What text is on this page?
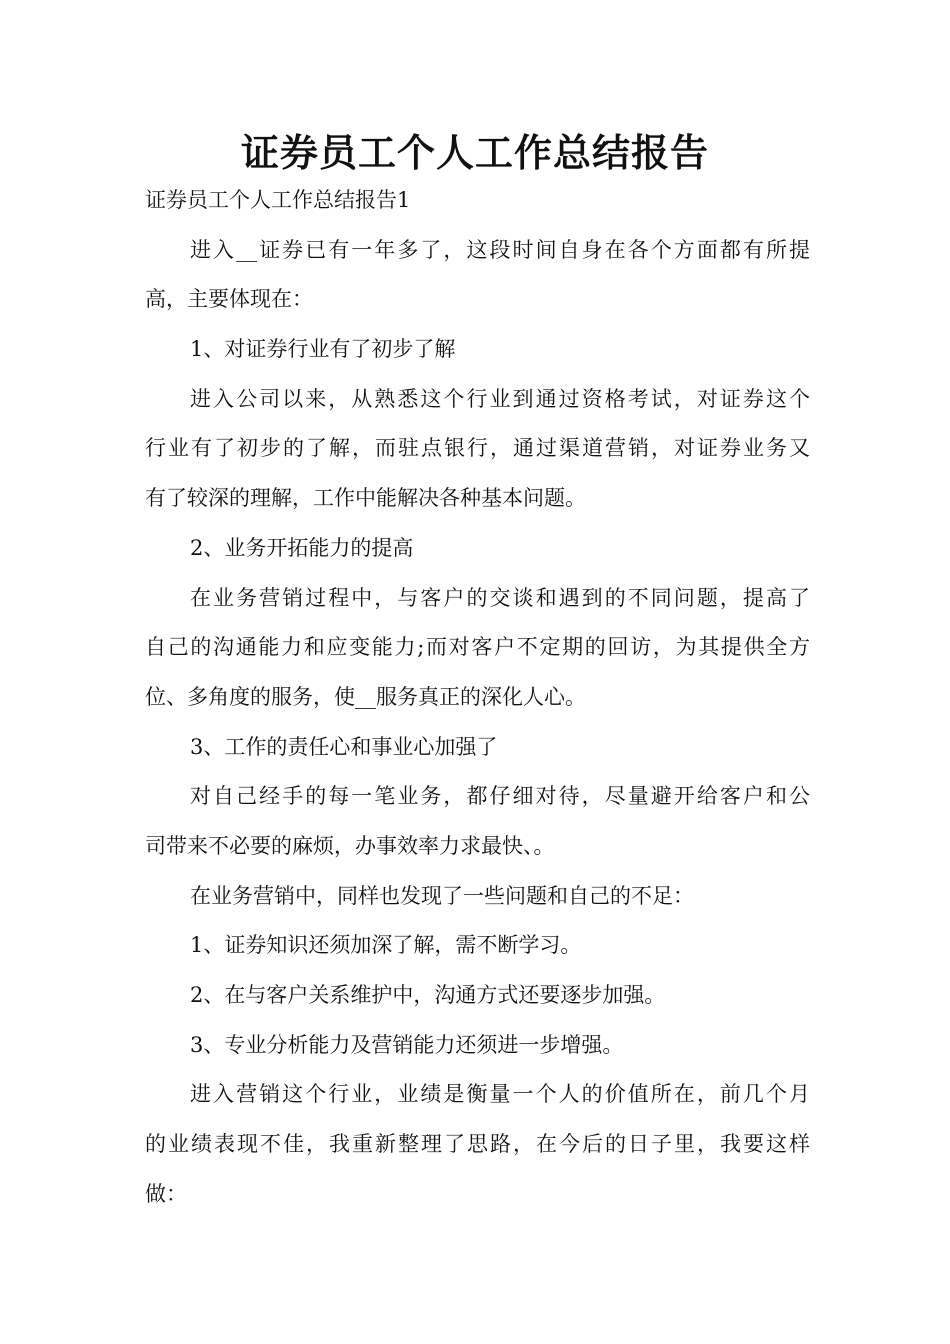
证券员工个人工作总结报告
证券员工个人工作总结报告1
进入__证券已有一年多了，这段时间自身在各个方面都有所提
高，主要体现在：
1、对证券行业有了初步了解
进入公司以来，从熟悉这个行业到通过资格考试，对证券这个
行业有了初步的了解，而驻点银行，通过渠道营销，对证券业务又
有了较深的理解，工作中能解决各种基本问题。
2、业务开拓能力的提高
在业务营销过程中，与客户的交谈和遇到的不同问题，提高了
自己的沟通能力和应变能力;而对客户不定期的回访，为其提供全方
位、多角度的服务，使__服务真正的深化人心。
3、工作的责任心和事业心加强了
对自己经手的每一笔业务，都仔细对待，尽量避开给客户和公
司带来不必要的麻烦，办事效率力求最快、。
在业务营销中，同样也发现了一些问题和自己的不足：
1、证券知识还须加深了解，需不断学习。
2、在与客户关系维护中，沟通方式还要逐步加强。
3、专业分析能力及营销能力还须进一步增强。
进入营销这个行业，业绩是衡量一个人的价值所在，前几个月
的业绩表现不佳，我重新整理了思路，在今后的日子里，我要这样
做：
